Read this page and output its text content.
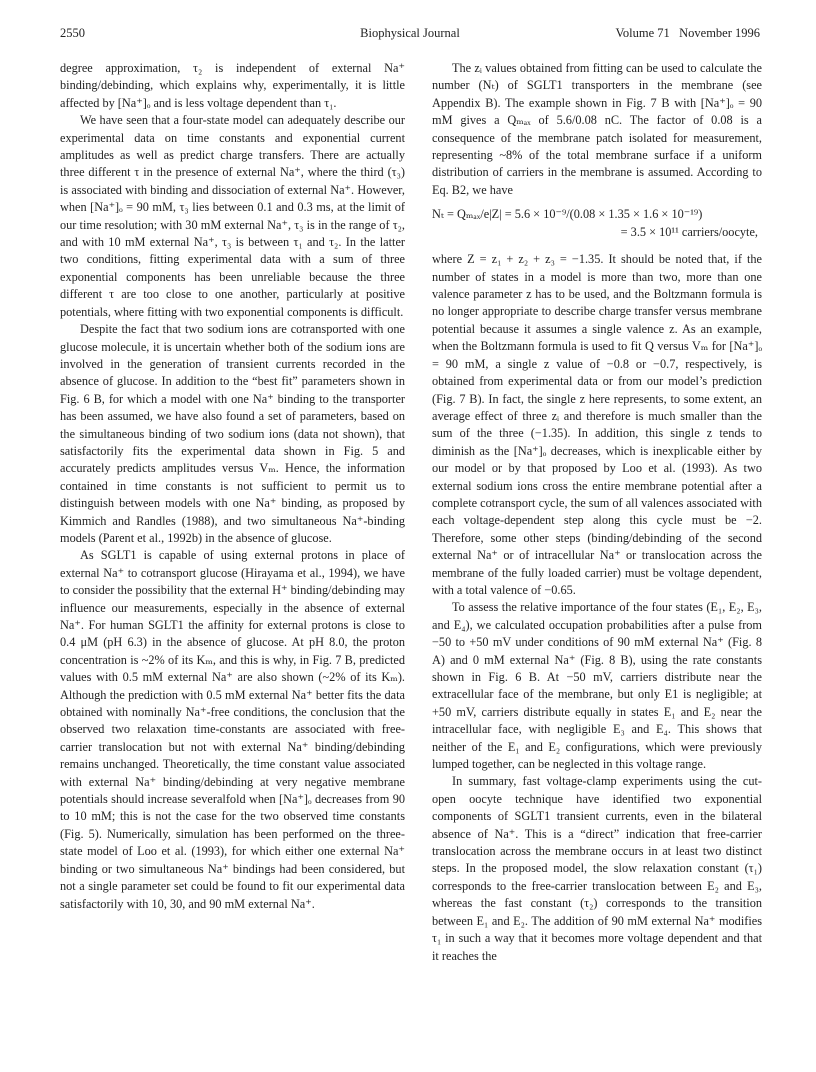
2550	Biophysical Journal	Volume 71   November 1996

degree approximation, τ₂ is independent of external Na⁺ binding/debinding, which explains why, experimentally, it is little affected by [Na⁺]ₒ and is less voltage dependent than τ₁.

We have seen that a four-state model can adequately describe our experimental data on time constants and exponential current amplitudes as well as predict charge transfers. There are actually three different τ in the presence of external Na⁺, where the third (τ₃) is associated with binding and dissociation of external Na⁺. However, when [Na⁺]ₒ = 90 mM, τ₃ lies between 0.1 and 0.3 ms, at the limit of our time resolution; with 30 mM external Na⁺, τ₃ is in the range of τ₂, and with 10 mM external Na⁺, τ₃ is between τ₁ and τ₂. In the latter two conditions, fitting experimental data with a sum of three exponential components has been unreliable because the three different τ are too close to one another, particularly at positive potentials, where fitting with two exponential components is difficult.

Despite the fact that two sodium ions are cotransported with one glucose molecule, it is uncertain whether both of the sodium ions are involved in the generation of transient currents recorded in the absence of glucose. In addition to the “best fit” parameters shown in Fig. 6 B, for which a model with one Na⁺ binding to the transporter has been assumed, we have also found a set of parameters, based on the simultaneous binding of two sodium ions (data not shown), that satisfactorily fits the experimental data shown in Fig. 5 and accurately predicts amplitudes versus Vₘ. Hence, the information contained in time constants is not sufficient to permit us to distinguish between models with one Na⁺ binding, as proposed by Kimmich and Randles (1988), and two simultaneous Na⁺-binding models (Parent et al., 1992b) in the absence of glucose.

As SGLT1 is capable of using external protons in place of external Na⁺ to cotransport glucose (Hirayama et al., 1994), we have to consider the possibility that the external H⁺ binding/debinding may influence our measurements, especially in the absence of external Na⁺. For human SGLT1 the affinity for external protons is close to 0.4 μM (pH 6.3) in the absence of glucose. At pH 8.0, the proton concentration is ~2% of its Kₘ, and this is why, in Fig. 7 B, predicted values with 0.5 mM external Na⁺ are also shown (~2% of its Kₘ). Although the prediction with 0.5 mM external Na⁺ better fits the data obtained with nominally Na⁺-free conditions, the conclusion that the observed two relaxation time-constants are associated with free-carrier translocation but not with external Na⁺ binding/debinding remains unchanged. Theoretically, the time constant value associated with external Na⁺ binding/debinding at very negative membrane potentials should increase severalfold when [Na⁺]ₒ decreases from 90 to 10 mM; this is not the case for the two observed time constants (Fig. 5). Numerically, simulation has been performed on the three-state model of Loo et al. (1993), for which either one external Na⁺ binding or two simultaneous Na⁺ bindings had been considered, but not a single parameter set could be found to fit our experimental data satisfactorily with 10, 30, and 90 mM external Na⁺.

The zᵢ values obtained from fitting can be used to calculate the number (Nₜ) of SGLT1 transporters in the membrane (see Appendix B). The example shown in Fig. 7 B with [Na⁺]ₒ = 90 mM gives a Qₘₐₓ of 5.6/0.08 nC. The factor of 0.08 is a consequence of the membrane patch isolated for measurement, representing ~8% of the total membrane surface if a uniform distribution of carriers in the membrane is assumed. According to Eq. B2, we have

Nₜ = Qₘₐₓ/e|Z| = 5.6 × 10⁻⁹/(0.08 × 1.35 × 1.6 × 10⁻¹⁹)
= 3.5 × 10¹¹ carriers/oocyte,

where Z = z₁ + z₂ + z₃ = −1.35. It should be noted that, if the number of states in a model is more than two, more than one valence parameter z has to be used, and the Boltzmann formula is no longer appropriate to describe charge transfer versus membrane potential because it assumes a single valence z. As an example, when the Boltzmann formula is used to fit Q versus Vₘ for [Na⁺]ₒ = 90 mM, a single z value of −0.8 or −0.7, respectively, is obtained from experimental data or from our model’s prediction (Fig. 7 B). In fact, the single z here represents, to some extent, an average effect of three zᵢ and therefore is much smaller than the sum of the three (−1.35). In addition, this single z tends to diminish as the [Na⁺]ₒ decreases, which is inexplicable either by our model or by that proposed by Loo et al. (1993). As two external sodium ions cross the entire membrane potential after a complete cotransport cycle, the sum of all valences associated with each voltage-dependent step along this cycle must be −2. Therefore, some other steps (binding/debinding of the second external Na⁺ or of intracellular Na⁺ or translocation across the membrane of the fully loaded carrier) must be voltage dependent, with a total valence of −0.65.

To assess the relative importance of the four states (E₁, E₂, E₃, and E₄), we calculated occupation probabilities after a pulse from −50 to +50 mV under conditions of 90 mM external Na⁺ (Fig. 8 A) and 0 mM external Na⁺ (Fig. 8 B), using the rate constants shown in Fig. 6 B. At −50 mV, carriers distribute near the extracellular face of the membrane, but only E1 is negligible; at +50 mV, carriers distribute equally in states E₁ and E₂ near the intracellular face, with negligible E₃ and E₄. This shows that neither of the E₁ and E₂ configurations, which were previously lumped together, can be neglected in this voltage range.

In summary, fast voltage-clamp experiments using the cut-open oocyte technique have identified two exponential components of SGLT1 transient currents, even in the bilateral absence of Na⁺. This is a “direct” indication that free-carrier translocation across the membrane occurs in at least two distinct steps. In the proposed model, the slow relaxation constant (τ₁) corresponds to the free-carrier translocation between E₂ and E₃, whereas the fast constant (τ₂) corresponds to the transition between E₁ and E₂. The addition of 90 mM external Na⁺ modifies τ₁ in such a way that it becomes more voltage dependent and that it reaches the
